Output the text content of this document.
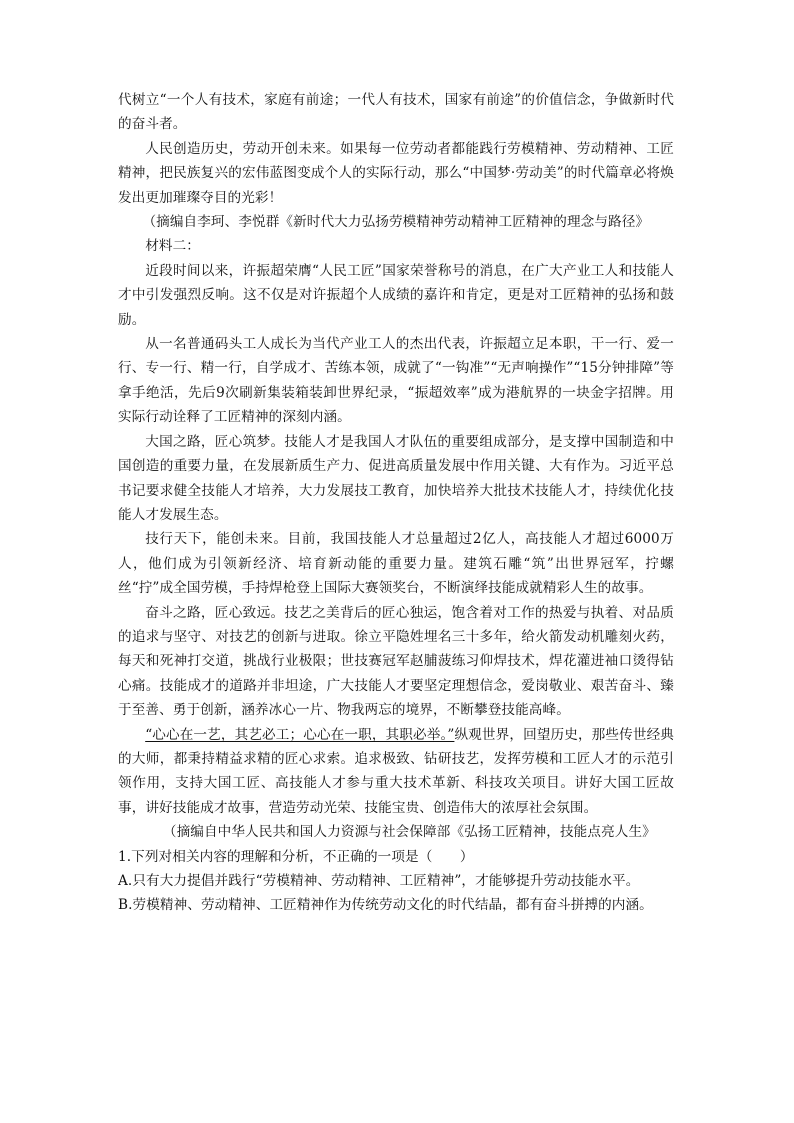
代树立“一个人有技术，家庭有前途；一代人有技术，国家有前途”的价值信念，争做新时代的奋斗者。

人民创造历史，劳动开创未来。如果每一位劳动者都能践行劳模精神、劳动精神、工匠精神，把民族复兴的宏伟蓝图变成个人的实际行动，那么“中国梦·劳动美”的时代篇章必将焕发出更加璀璨夺目的光彩！

（摘编自李珂、李悦群《新时代大力弘扬劳模精神劳动精神工匠精神的理念与路径》

材料二：

近段时间以来，许振超荣膺“人民工匠”国家荣誉称号的消息，在广大产业工人和技能人才中引发强烈反响。这不仅是对许振超个人成绩的嘉许和肯定，更是对工匠精神的弘扬和鼓励。

从一名普通码头工人成长为当代产业工人的杰出代表，许振超立足本职，干一行、爱一行、专一行、精一行，自学成才、苦练本领，成就了“一钩准”“无声响操作”“15分钟排障”等拿手绝活，先后9次刷新集装箱装卸世界纪录，“振超效率”成为港航界的一块金字招牌。用实际行动诠释了工匠精神的深刻内涵。

大国之路，匠心筑梦。技能人才是我国人才队伍的重要组成部分，是支撑中国制造和中国创造的重要力量，在发展新质生产力、促进高质量发展中作用关键、大有作为。习近平总书记要求健全技能人才培养，大力发展技工教育，加快培养大批技术技能人才，持续优化技能人才发展生态。

技行天下，能创未来。目前，我国技能人才总量超过2亿人，高技能人才超过6000万人，他们成为引领新经济、培育新动能的重要力量。建筑石雕“筑”出世界冠军，拧螺丝“拧”成全国劳模，手持焊枪登上国际大赛领奖台，不断演绎技能成就精彩人生的故事。

奋斗之路，匠心致远。技艺之美背后的匠心独运，饱含着对工作的热爱与执着、对品质的追求与坚守、对技艺的创新与进取。徐立平隐姓埋名三十多年，给火箭发动机雕刻火药，每天和死神打交道，挑战行业极限；世技赛冠军赵脯菠练习仰焊技术，焊花灌进袖口烫得钻心痛。技能成才的道路并非坦途，广大技能人才要坚定理想信念，爱岗敬业、艰苦奋斗、臻于至善、勇于创新，涵养冰心一片、物我两忘的境界，不断攀登技能高峰。

“心心在一艺，其艺必工；心心在一职，其职必举。”纵观世界，回望历史，那些传世经典的大师，都秉持精益求精的匠心求索。追求极致、钻研技艺，发挥劳模和工匠人才的示范引领作用，支持大国工匠、高技能人才参与重大技术革新、科技攻关项目。讲好大国工匠故事，讲好技能成才故事，营造劳动光荣、技能宝贵、创造伟大的浓厚社会氛围。

（摘编自中华人民共和国人力资源与社会保障部《弘扬工匠精神，技能点亮人生》

1.下列对相关内容的理解和分析，不正确的一项是（　　）

A.只有大力提倡并践行“劳模精神、劳动精神、工匠精神”，才能够提升劳动技能水平。

B.劳模精神、劳动精神、工匠精神作为传统劳动文化的时代结晶，都有奋斗拼搏的内涵。
